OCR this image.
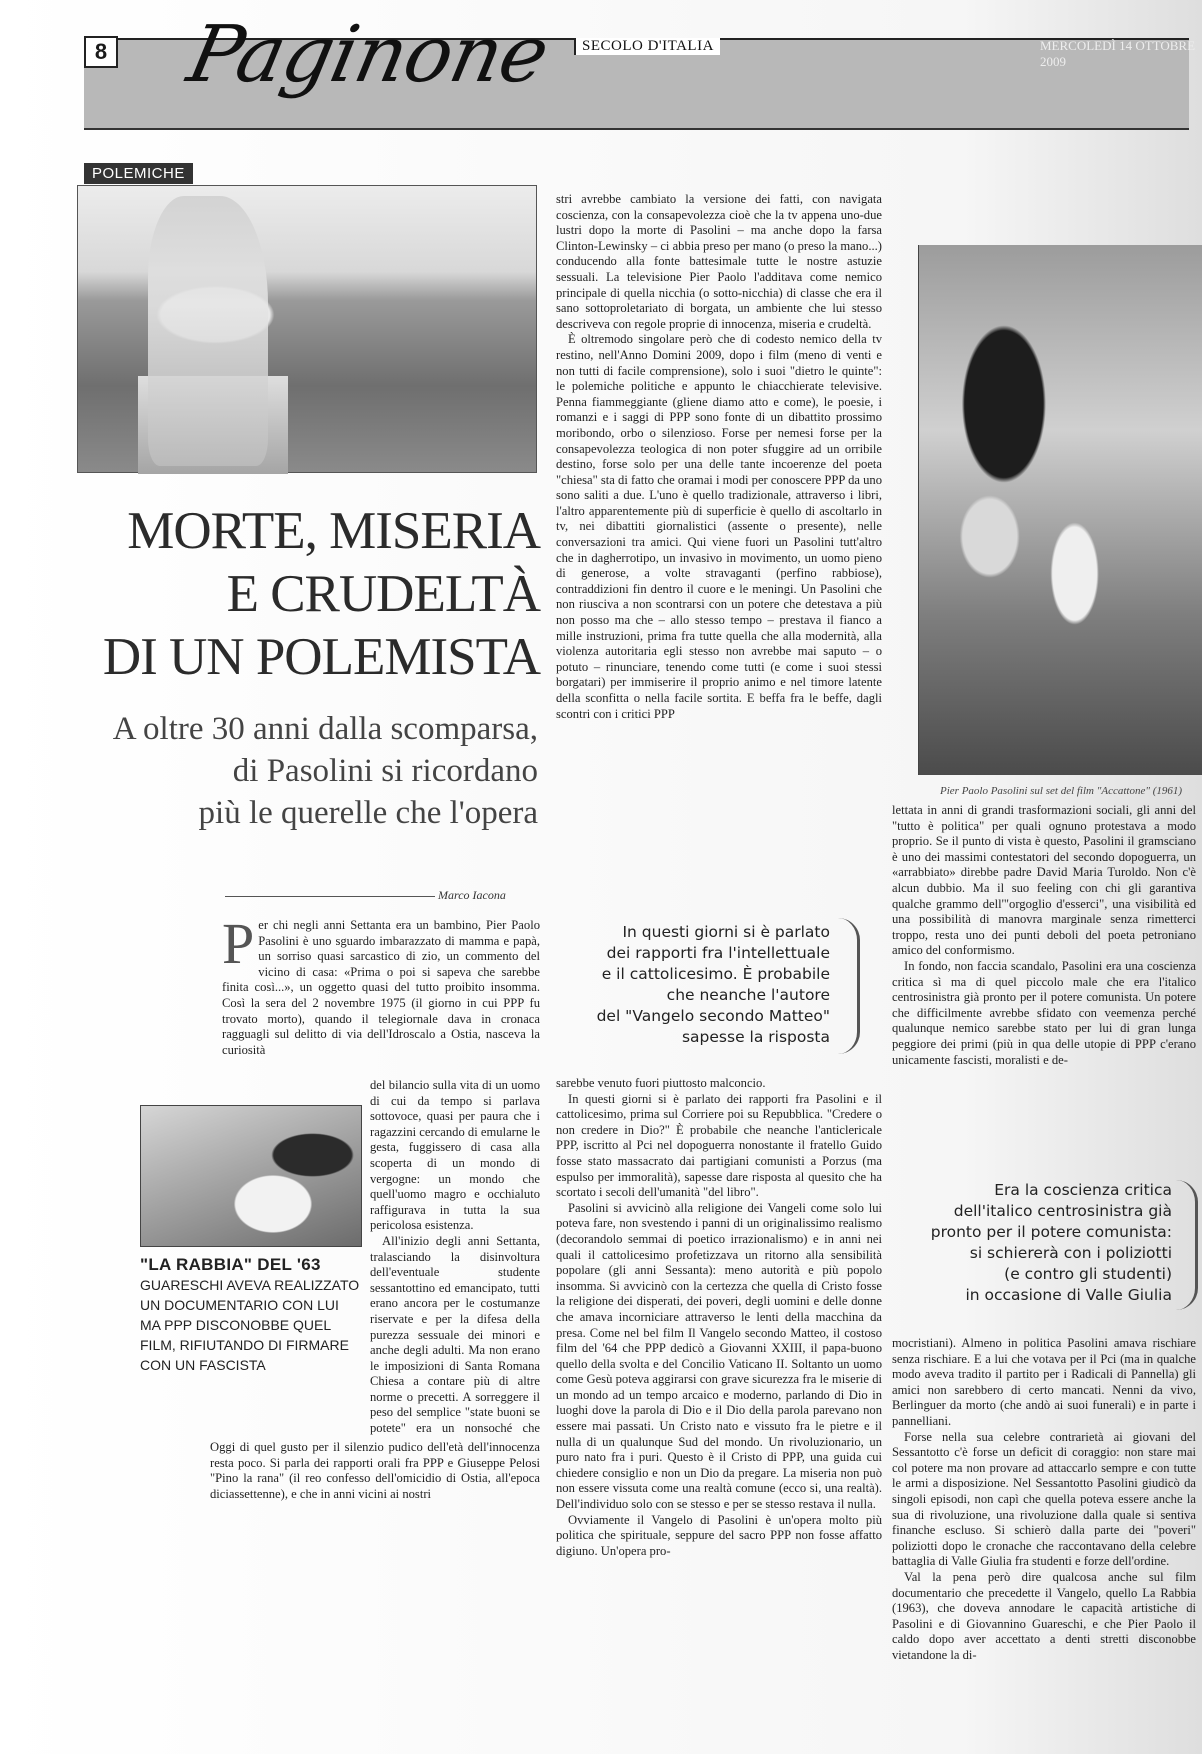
8 Paginone	SECOLO D'ITALIA	MERCOLEDÌ 14 OTTOBRE 2009
POLEMICHE
MORTE, MISERIA
E CRUDELTÀ
DI UN POLEMISTA
A oltre 30 anni dalla scomparsa,
di Pasolini si ricordano
più le querelle che l'opera
Marco Iacona

Per chi negli anni Settanta era un bambino, Pier Paolo Pasolini è uno sguardo imbarazzato di mamma e papà, un sorriso quasi sarcastico di zio, un commento del vicino di casa: «Prima o poi si sapeva che sarebbe finita così...», un oggetto quasi del tutto proibito insomma. Così la sera del 2 novembre 1975 (il giorno in cui PPP fu trovato morto), quando il telegiornale dava in cronaca ragguagli sul delitto di via dell'Idroscalo a Ostia, nasceva la curiosità

del bilancio sulla vita di un uomo di cui da tempo si parlava sottovoce, quasi per paura che i ragazzini cercando di emularne le gesta, fuggissero di casa alla scoperta di un mondo di vergogne: un mondo che quell'uomo magro e occhialuto raffigurava in tutta la sua pericolosa esistenza.

All'inizio degli anni Settanta, tralasciando la disinvoltura dell'eventuale studente sessantottino ed emancipato, tutti erano ancora per le costumanze riservate e per la difesa della purezza sessuale dei minori e anche degli adulti. Ma non erano le imposizioni di Santa Romana Chiesa a contare più di altre norme o precetti. A sorreggere il peso del semplice "state buoni se potete" era un nonsoché che

"LA RABBIA" DEL '63
GUARESCHI AVEVA REALIZZATO UN DOCUMENTARIO CON LUI MA PPP DISCONOBBE QUEL FILM, RIFIUTANDO DI FIRMARE CON UN FASCISTA

Oggi di quel gusto per il silenzio pudico dell'età dell'innocenza resta poco. Si parla dei rapporti orali fra PPP e Giuseppe Pelosi "Pino la rana" (il reo confesso dell'omicidio di Ostia, all'epoca diciassettenne), e che in anni vicini ai nostri

stri avrebbe cambiato la versione dei fatti, con navigata coscienza, con la consapevolezza cioè che la tv appena uno-due lustri dopo la morte di Pasolini – ma anche dopo la farsa Clinton-Lewinsky – ci abbia preso per mano (o preso la mano...) conducendo alla fonte battesimale tutte le nostre astuzie sessuali. La televisione Pier Paolo l'additava come nemico principale di quella nicchia (o sotto-nicchia) di classe che era il sano sottoproletariato di borgata, un ambiente che lui stesso descriveva con regole proprie di innocenza, miseria e crudeltà.

È oltremodo singolare però che di codesto nemico della tv restino, nell'Anno Domini 2009, dopo i film (meno di venti e non tutti di facile comprensione), solo i suoi "dietro le quinte": le polemiche politiche e appunto le chiacchierate televisive. Penna fiammeggiante (gliene diamo atto e come), le poesie, i romanzi e i saggi di PPP sono fonte di un dibattito prossimo moribondo, orbo o silenzioso. Forse per nemesi forse per la consapevolezza teologica di non poter sfuggire ad un orribile destino, forse solo per una delle tante incoerenze del poeta "chiesa" sta di fatto che oramai i modi per conoscere PPP da uno sono saliti a due. L'uno è quello tradizionale, attraverso i libri, l'altro apparentemente più di superficie è quello di ascoltarlo in tv, nei dibattiti giornalistici (assente o presente), nelle conversazioni tra amici. Qui viene fuori un Pasolini tutt'altro che in dagherrotipo, un invasivo in movimento, un uomo pieno di generose, a volte stravaganti (perfino rabbiose), contraddizioni fin dentro il cuore e le meningi. Un Pasolini che non riusciva a non scontrarsi con un potere che detestava a più non posso ma che – allo stesso tempo – prestava il fianco a mille instruzioni, prima fra tutte quella che alla modernità, alla violenza autoritaria egli stesso non avrebbe mai saputo – o potuto – rinunciare, tenendo come tutti (e come i suoi stessi borgatari) per immiserire il proprio animo e nel timore latente della sconfitta o nella facile sortita. E beffa fra le beffe, dagli scontri con i critici PPP

In questi giorni si è parlato
dei rapporti fra l'intellettuale
e il cattolicesimo. È probabile
che neanche l'autore
del "Vangelo secondo Matteo"
sapesse la risposta

sarebbe venuto fuori piuttosto malconcio.

In questi giorni si è parlato dei rapporti fra Pasolini e il cattolicesimo, prima sul Corriere poi su Repubblica. "Credere o non credere in Dio?" È probabile che neanche l'anticlericale PPP, iscritto al Pci nel dopoguerra nonostante il fratello Guido fosse stato massacrato dai partigiani comunisti a Porzus (ma espulso per immoralità), sapesse dare risposta al quesito che ha scortato i secoli dell'umanità "del libro".

Pasolini si avvicinò alla religione dei Vangeli come solo lui poteva fare, non svestendo i panni di un originalissimo realismo (decorandolo semmai di poetico irrazionalismo) e in anni nei quali il cattolicesimo profetizzava un ritorno alla sensibilità popolare (gli anni Sessanta): meno autorità e più popolo insomma. Si avvicinò con la certezza che quella di Cristo fosse la religione dei disperati, dei poveri, degli uomini e delle donne che amava incorniciare attraverso le lenti della macchina da presa. Come nel bel film Il Vangelo secondo Matteo, il costoso film del '64 che PPP dedicò a Giovanni XXIII, il papa-buono quello della svolta e del Concilio Vaticano II. Soltanto un uomo come Gesù poteva aggirarsi con grave sicurezza fra le miserie di un mondo ad un tempo arcaico e moderno, parlando di Dio in luoghi dove la parola di Dio e il Dio della parola parevano non essere mai passati. Un Cristo nato e vissuto fra le pietre e il nulla di un qualunque Sud del mondo. Un rivoluzionario, un puro nato fra i puri. Questo è il Cristo di PPP, una guida cui chiedere consiglio e non un Dio da pregare. La miseria non può non essere vissuta come una realtà comune (ecco si, una realtà). Dell'individuo solo con se stesso e per se stesso restava il nulla.

Ovviamente il Vangelo di Pasolini è un'opera molto più politica che spirituale, seppure del sacro PPP non fosse affatto digiuno. Un'opera pro-

Pier Paolo Pasolini sul set del film "Accattone" (1961)

lettata in anni di grandi trasformazioni sociali, gli anni del "tutto è politica" per quali ognuno protestava a modo proprio. Se il punto di vista è questo, Pasolini il gramsciano è uno dei massimi contestatori del secondo dopoguerra, un «arrabbiato» direbbe padre David Maria Turoldo. Non c'è alcun dubbio. Ma il suo feeling con chi gli garantiva qualche grammo dell'"orgoglio d'esserci", una visibilità ed una possibilità di manovra marginale senza rimetterci troppo, resta uno dei punti deboli del poeta petroniano amico del conformismo.

In fondo, non faccia scandalo, Pasolini era una coscienza critica sì ma di quel piccolo male che era l'italico centrosinistra già pronto per il potere comunista. Un potere che difficilmente avrebbe sfidato con veemenza perché qualunque nemico sarebbe stato per lui di gran lunga peggiore dei primi (più in qua delle utopie di PPP c'erano unicamente fascisti, moralisti e de-

Era la coscienza critica
dell'italico centrosinistra già
pronto per il potere comunista:
si schiererà con i poliziotti
(e contro gli studenti)
in occasione di Valle Giulia

mocristiani). Almeno in politica Pasolini amava rischiare senza rischiare. E a lui che votava per il Pci (ma in qualche modo aveva tradito il partito per i Radicali di Pannella) gli amici non sarebbero di certo mancati. Nenni da vivo, Berlinguer da morto (che andò ai suoi funerali) e in parte i pannelliani.

Forse nella sua celebre contrarietà ai giovani del Sessantotto c'è forse un deficit di coraggio: non stare mai col potere ma non provare ad attaccarlo sempre e con tutte le armi a disposizione. Nel Sessantotto Pasolini giudicò da singoli episodi, non capì che quella poteva essere anche la sua di rivoluzione, una rivoluzione dalla quale si sentiva finanche escluso. Si schierò dalla parte dei "poveri" poliziotti dopo le cronache che raccontavano della celebre battaglia di Valle Giulia fra studenti e forze dell'ordine.

Val la pena però dire qualcosa anche sul film documentario che precedette il Vangelo, quello La Rabbia (1963), che doveva annodare le capacità artistiche di Pasolini e di Giovannino Guareschi, e che Pier Paolo il caldo dopo aver accettato a denti stretti disconobbe vietandone la di-
